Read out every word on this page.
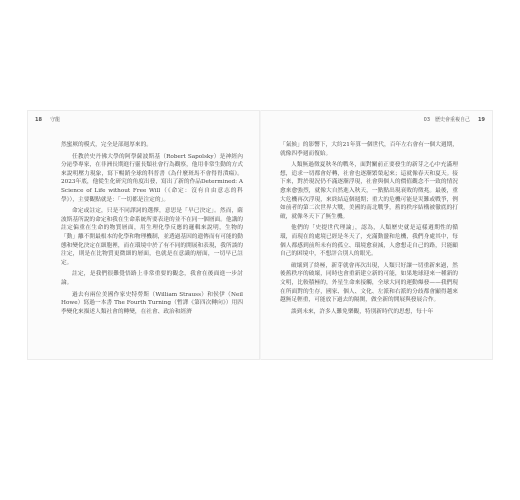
18 守龍

然蜜厥的模式，完全是部週厚來的。

任教於史丹佛大學的阿學薩波斯基（Robert Sapolsky）是神經內分泌學專家，在非洲長期進行靈長類社會行為觀察，他用非常生動的方式來說明壓力現象，寫下暢銷全球的科普書《為什麼斑馬不會得胃潰瘍》。2023年底，他從生化研究的角度出發，寫出了新的作品Determined: A Science of Life without Free Will（《命定：沒有自由意志的科學》），主要觀點就是：「一切都是注定的」。

命定或註定，只是不同譯詞的選擇，意思是「早已決定」。然而，薩波斯基所說的命定和我在生命系統所要表達的並不在同一個層面。他講的註定偏重在生命的物質層面，用生理化學反應的邏輯來說明，生物的「動」離不開最根本的化學和物理機制，並透過基因的遺傳而有可能的動態和變化決定在細胞裡，而在環境中於了有不同的開展和表現，我所談的注定，則是在比物質更微細的層面，也就是在意識的層面，一切早已註定。

註定，是我們很難覺悟路上非常重要的觀念，我會在後面進一步討論。

過去有兩位美國作家史特勞斯（William Strauss）和侯伊（Neil Howe）寫過一本書 The Fourth Turning（暫譯《第四次轉向》）用四季變化來描述人類社會的轉變，在社會、政治和經濟

03　歷史會重複自己 19

「氣候」的影響下，大約21年算一個世代，百年左右會有一個大週期，就像四季週而復始。

人類無過徵夏秋冬的戰冬，面對關前正要發生的新芽之心中充滿理想，追求一切都會好轉，社會也逐漸繁榮起來；這就像春天和夏天。接下來，對於現況仍不滿逐漸浮現，社會與個人的價值觀念不一致的情況愈來愈強烈，就像大自然進入秋天，一點點出現衰敗的徵兆。最後，重大危機再次浮現，來終結這個週期；重大的危機可能是災難或戰爭，例如前者的第二次世界大戰，美國的南北戰爭，舊的秩序結構被徹底的打破，就像冬天下了無生機。

他們的「史提世代理論」，認為，人類歷史就是這樣週期性的循環，而現在的處境已經是冬天了，充滿動盪和危機，我們身處其中，每個人都感到前所未有的孤立、環境愈衰減，人愈想走自己的路，只能顧自己的困境中，不想評合別人的眼光。

破壞到了終極，新芽就會再次出現，人類只好讓一切重新來過，然後舊秩序的破壞，同時也會重新建立新的可能，如果地球迎來一種新的文明，比較積極的，外星生命來接觸，全球大同的運動爆發——我們現在所面對的生存，國家、個人、文化、左派和右派的分歧都會顯得越來越無足輕重，可能放下過去的隔閡，做全新的開展與發展合作。

談到未來，許多人難免樂觀，特別新時代的思想，每十年
